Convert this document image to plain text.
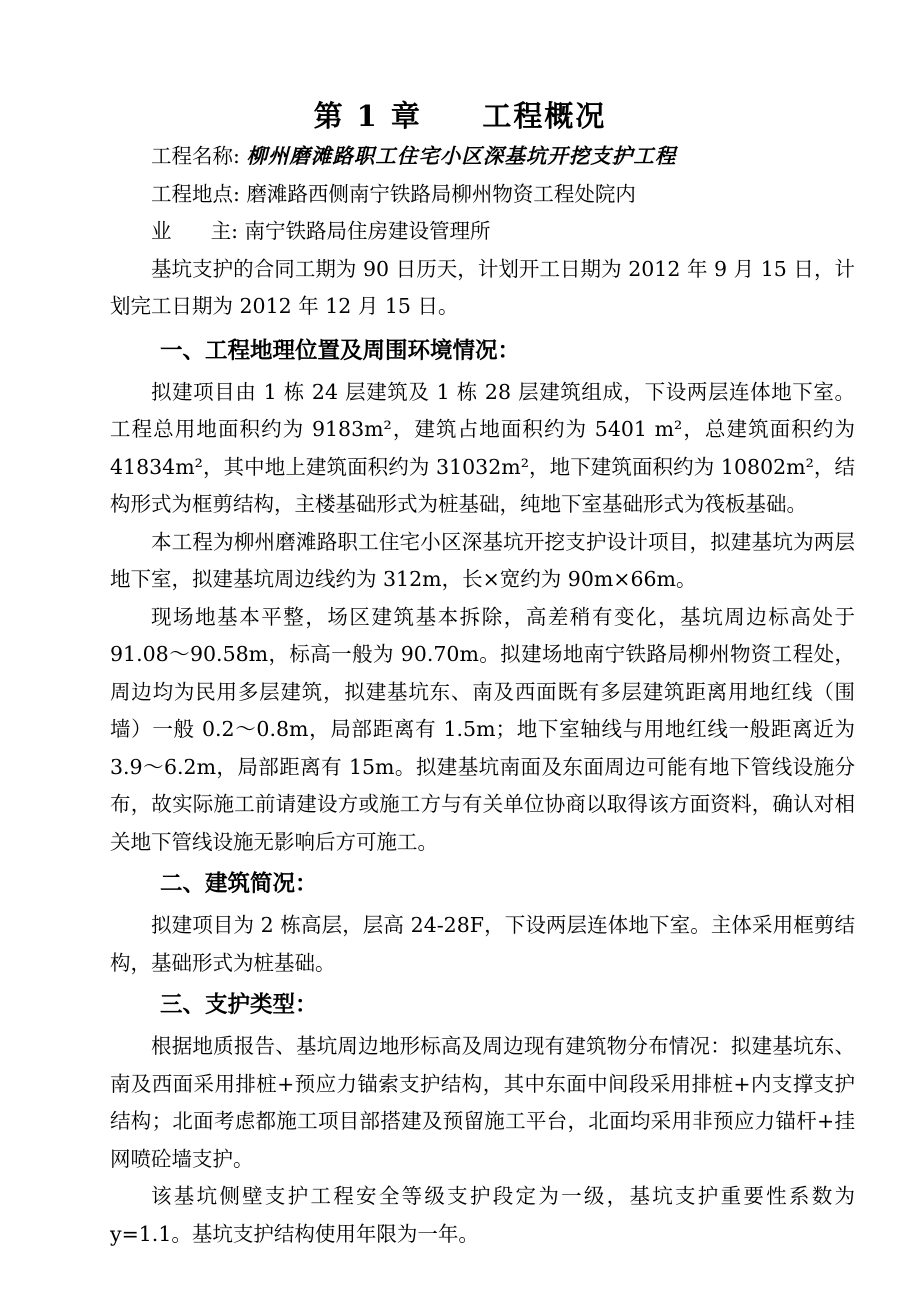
第 1 章     工程概况
工程名称: 柳州磨滩路职工住宅小区深基坑开挖支护工程
工程地点: 磨滩路西侧南宁铁路局柳州物资工程处院内
业      主: 南宁铁路局住房建设管理所

基坑支护的合同工期为 90 日历天，计划开工日期为 2012 年 9 月 15 日，计划完工日期为 2012 年 12 月 15 日。

一、工程地理位置及周围环境情况：

拟建项目由 1 栋 24 层建筑及 1 栋 28 层建筑组成，下设两层连体地下室。工程总用地面积约为 9183m²，建筑占地面积约为 5401 m²，总建筑面积约为 41834m²，其中地上建筑面积约为 31032m²，地下建筑面积约为 10802m²，结构形式为框剪结构，主楼基础形式为桩基础，纯地下室基础形式为筏板基础。

本工程为柳州磨滩路职工住宅小区深基坑开挖支护设计项目，拟建基坑为两层地下室，拟建基坑周边线约为 312m，长×宽约为 90m×66m。

现场地基本平整，场区建筑基本拆除，高差稍有变化，基坑周边标高处于 91.08～90.58m，标高一般为 90.70m。拟建场地南宁铁路局柳州物资工程处，周边均为民用多层建筑，拟建基坑东、南及西面既有多层建筑距离用地红线（围墙）一般 0.2～0.8m，局部距离有 1.5m；地下室轴线与用地红线一般距离近为 3.9～6.2m，局部距离有 15m。拟建基坑南面及东面周边可能有地下管线设施分布，故实际施工前请建设方或施工方与有关单位协商以取得该方面资料，确认对相关地下管线设施无影响后方可施工。

二、建筑简况：

拟建项目为 2 栋高层，层高 24-28F，下设两层连体地下室。主体采用框剪结构，基础形式为桩基础。

三、支护类型：

根据地质报告、基坑周边地形标高及周边现有建筑物分布情况：拟建基坑东、南及西面采用排桩+预应力锚索支护结构，其中东面中间段采用排桩+内支撑支护结构；北面考虑都施工项目部搭建及预留施工平台，北面均采用非预应力锚杆+挂网喷砼墙支护。

该基坑侧壁支护工程安全等级支护段定为一级，基坑支护重要性系数为 y=1.1。基坑支护结构使用年限为一年。
